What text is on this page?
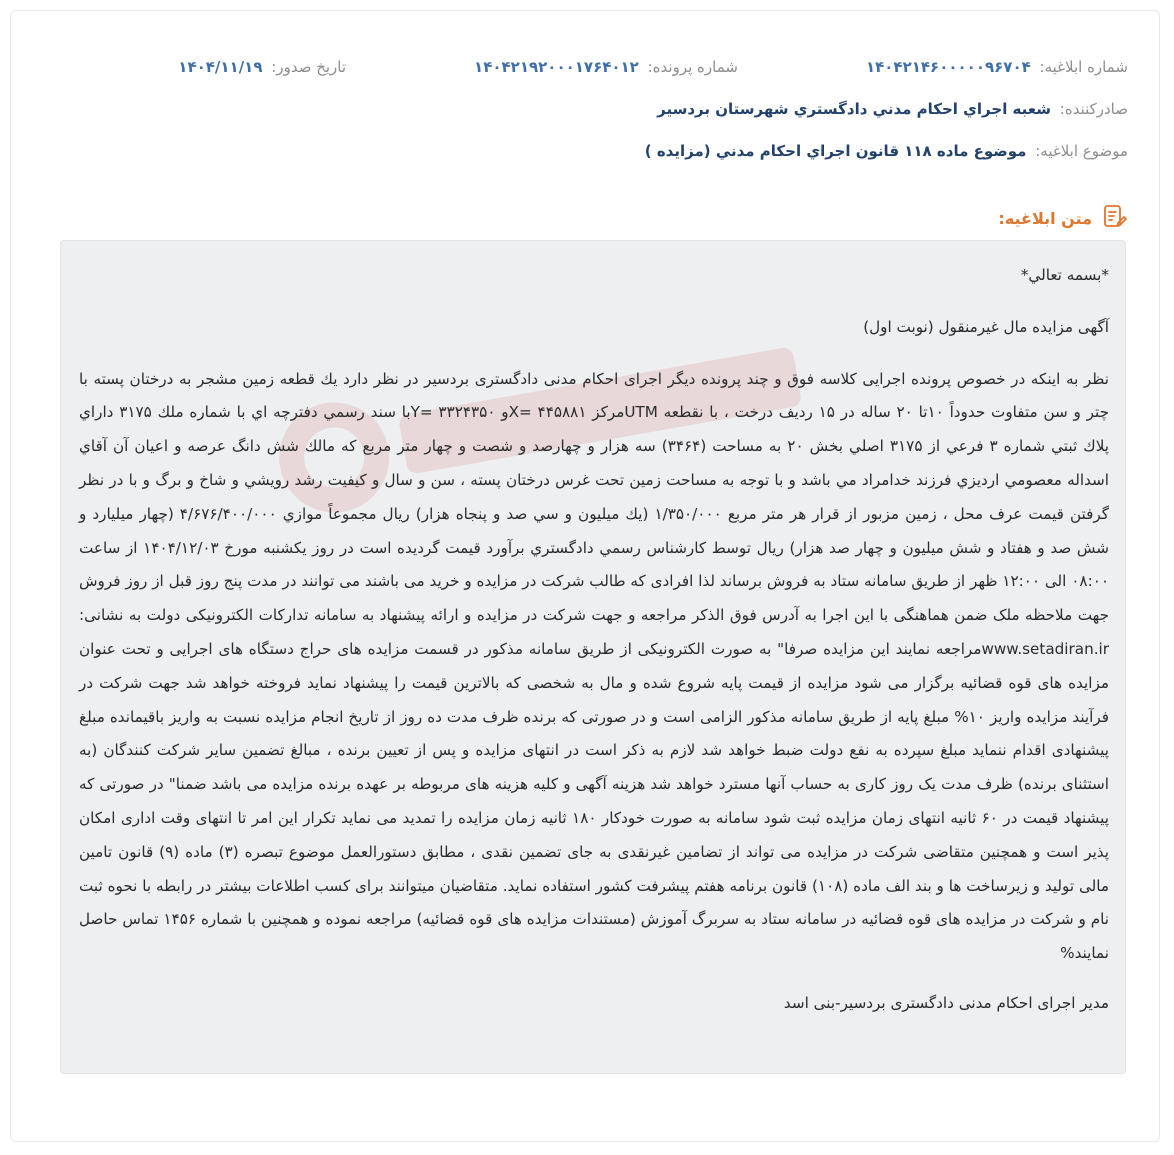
شماره ابلاغيه: ۱۴۰۴۲۱۴۶۰۰۰۰۰۹۶۷۰۴
شماره پرونده: ۱۴۰۴۲۱۹۲۰۰۰۱۷۶۴۰۱۲
تاريخ صدور: ۱۴۰۴/۱۱/۱۹
صادرکننده: شعبه اجراي احکام مدني دادگستري شهرستان بردسير
موضوع ابلاغيه: موضوع ماده ۱۱۸ قانون اجراي احکام مدني (مزايده )
متن ابلاغيه:

*بسمه تعالي*

آگهی مزایده مال غیرمنقول (نوبت اول)

نظر به اینکه در خصوص پرونده اجرایی کلاسه فوق و چند پرونده دیگر اجرای احکام مدنی دادگستری بردسیر در نظر دارد یك قطعه زمین مشجر به درختان پسته با چتر و سن متفاوت حدوداً ۱۰تا ۲۰ ساله در ۱۵ ردیف درخت ، با نقطعه UTMمرکز ۴۴۵۸۸۱ =Xو ۳۳۲۴۳۵۰ =Yبا سند رسمي دفترچه اي با شماره ملك ۳۱۷۵ داراي پلاك ثبتي شماره ۳ فرعي از ۳۱۷۵ اصلي بخش ۲۰ به مساحت (۳۴۶۴) سه هزار و چهارصد و شصت و چهار متر مربع که مالك شش دانگ عرصه و اعيان آن آقاي اسداله معصومي اردیزي فرزند خدامراد مي باشد و با توجه به مساحت زمین تحت غرس درختان پسته ، سن و سال و كيفيت رشد رويشي و شاخ و برگ و با در نظر گرفتن قيمت عرف محل ، زمین مزبور از قرار هر متر مربع ۱/۳۵۰/۰۰۰ (يك ميليون و سي صد و پنجاه هزار) ريال مجموعاً موازي ۴/۶۷۶/۴۰۰/۰۰۰ (چهار ميليارد و شش صد و هفتاد و شش ميليون و چهار صد هزار) ريال توسط كارشناس رسمي دادگستري برآورد قیمت گردیده است در روز یکشنبه مورخ ۱۴۰۴/۱۲/۰۳ از ساعت ۰۸:۰۰ الی ۱۲:۰۰ ظهر از طریق سامانه ستاد به فروش برساند لذا افرادی که طالب شرکت در مزایده و خرید می باشند می توانند در مدت پنج روز قبل از روز فروش جهت ملاحظه ملک ضمن هماهنگی با این اجرا به آدرس فوق الذکر مراجعه و جهت شرکت در مزایده و ارائه پیشنهاد به سامانه تدارکات الکترونیکی دولت به نشانی: www.setadiran.irمراجعه نمایند این مزایده صرفا" به صورت الکترونیکی از طریق سامانه مذکور در قسمت مزایده های حراج دستگاه های اجرایی و تحت عنوان مزایده های قوه قضائیه برگزار می شود مزایده از قیمت پایه شروع شده و مال به شخصی که بالاترین قیمت را پیشنهاد نماید فروخته خواهد شد جهت شرکت در فرآیند مزایده واریز ۱۰% مبلغ پایه از طریق سامانه مذکور الزامی است و در صورتی که برنده ظرف مدت ده روز از تاریخ انجام مزایده نسبت به واریز باقیمانده مبلغ پیشنهادی اقدام ننماید مبلغ سپرده به نفع دولت ضبط خواهد شد لازم به ذکر است در انتهای مزایده و پس از تعیین برنده ، مبالغ تضمین سایر شرکت کنندگان (به استثنای برنده) ظرف مدت یک روز کاری به حساب آنها مسترد خواهد شد هزینه آگهی و کلیه هزینه های مربوطه بر عهده برنده مزایده می باشد ضمنا" در صورتی که پیشنهاد قیمت در ۶۰ ثانیه انتهای زمان مزایده ثبت شود سامانه به صورت خودکار ۱۸۰ ثانیه زمان مزایده را تمدید می نماید تکرار این امر تا انتهای وقت اداری امکان پذیر است و همچنین متقاضی شرکت در مزایده می تواند از تضامین غیرنقدی به جای تضمین نقدی ، مطابق دستورالعمل موضوع تبصره (۳) ماده (۹) قانون تامین مالی تولید و زیرساخت ها و بند الف ماده (۱۰۸) قانون برنامه هفتم پیشرفت کشور استفاده نماید. متقاضیان میتوانند برای کسب اطلاعات بیشتر در رابطه با نحوه ثبت نام و شرکت در مزایده های قوه قضائیه در سامانه ستاد به سربرگ آموزش (مستندات مزایده های قوه قضائیه) مراجعه نموده و همچنین با شماره ۱۴۵۶ تماس حاصل نمایند%

مدیر اجرای احکام مدنی دادگستری بردسیر-بنی اسد
